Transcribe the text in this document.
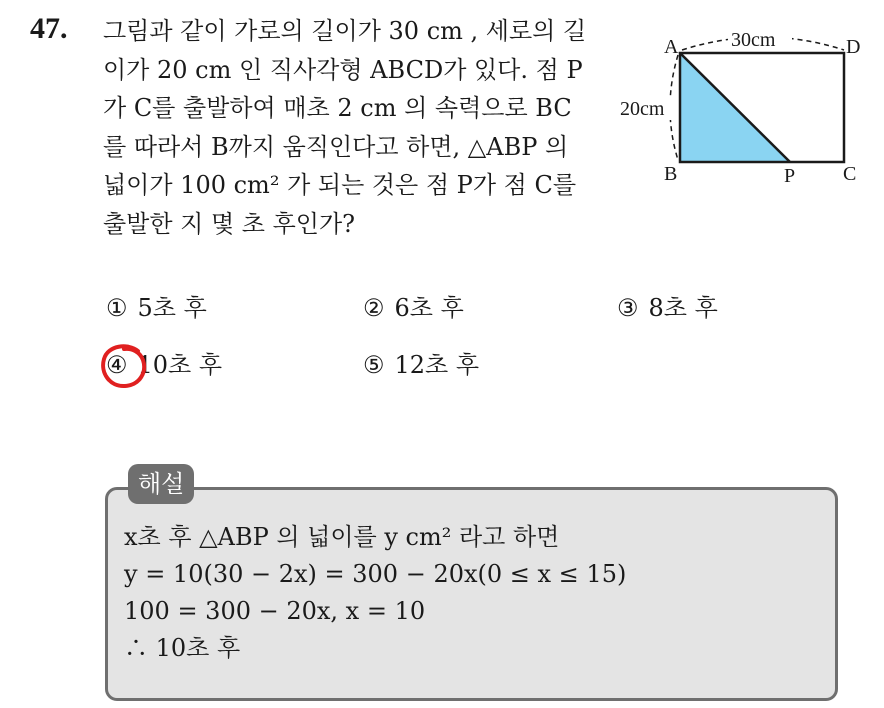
47. 그림과 같이 가로의 길이가 30 cm , 세로의 길
이가 20 cm 인 직사각형 ABCD가 있다. 점 P
가 C를 출발하여 매초 2 cm 의 속력으로 BC
를 따라서 B까지 움직인다고 하면, △ABP 의
넓이가 100 cm² 가 되는 것은 점 P가 점 C를
출발한 지 몇 초 후인가?
A	D
B	C
P
30cm
20cm
① 5초 후	② 6초 후	③ 8초 후
④ 10초 후	⑤ 12초 후
해설
x초 후 △ABP 의 넓이를 y cm² 라고 하면
y = 10(30 − 2x) = 300 − 20x(0 ≤ x ≤ 15)
100 = 300 − 20x, x = 10
∴ 10초 후
